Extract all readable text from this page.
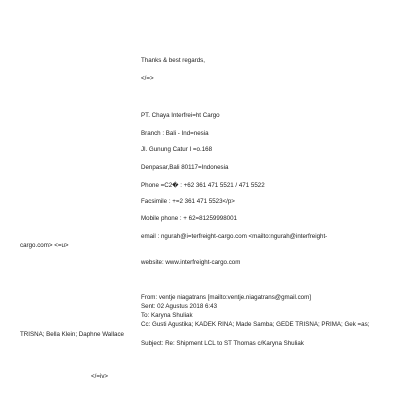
Thanks & best regards,
</=>
PT. Chaya Interfrei=ht Cargo
Branch : Bali - Ind=nesia
Jl. Gunung Catur I =o.168
Denpasar,Bali 80117=Indonesia
Phone =C2� : +62 361 471 5521 / 471 5522
Facsimile : +=2 361 471 5523</p>
Mobile phone : + 62=81259998001
email : ngurah@i=terfreight-cargo.com <mailto:ngurah@interfreight-
cargo.com> <=u>
website: www.interfreight-cargo.com
From: ventje niagatrans [mailto:ventje.niagatrans@gmail.com]
Sent: 02 Agustus 2018 6:43
To: Karyna Shuliak
Cc: Gusti Agustika; KADEK RINA; Made Samba; GEDE TRISNA; PRIMA; Gek =as;
TRISNA; Bella Klein; Daphne Wallace
Subject: Re: Shipment LCL to ST Thomas c/Karyna Shuliak
</=iv>
